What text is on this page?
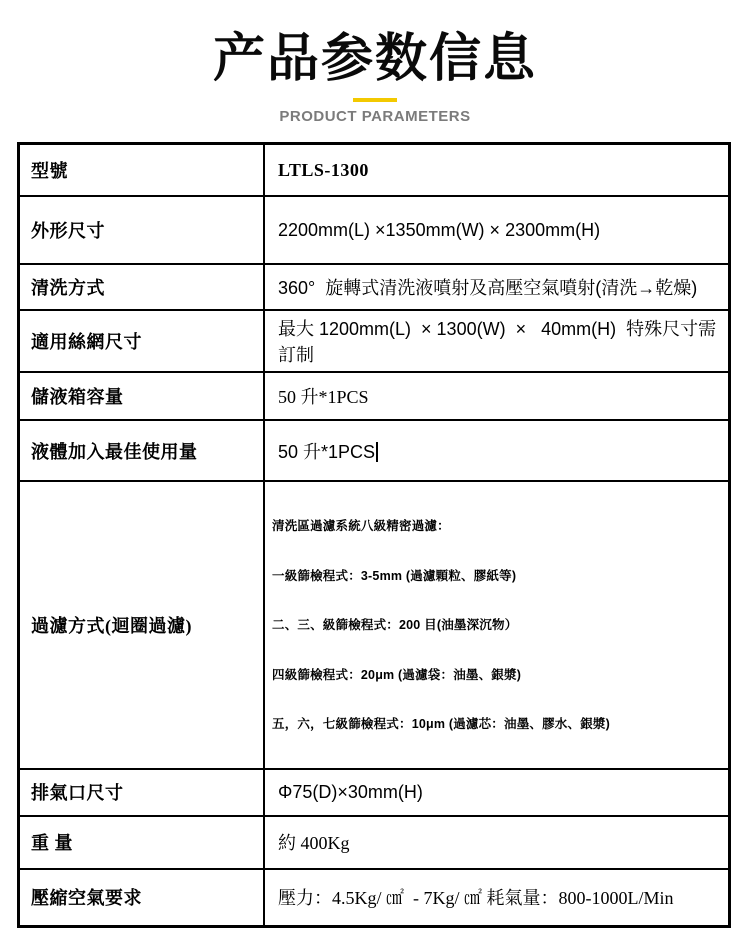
产品参数信息
PRODUCT PARAMETERS
型號	LTLS-1300
外形尺寸	2200mm(L) ×1350mm(W) × 2300mm(H)
清洗方式	360°  旋轉式清洗液噴射及高壓空氣噴射(清洗→乾燥)
適用絲網尺寸	最大 1200mm(L)  × 1300(W)  ×   40mm(H)  特殊尺寸需訂制
儲液箱容量	50 升*1PCS
液體加入最佳使用量	50 升*1PCS
過濾方式(迴圈過濾)	清洗區過濾系統八級精密過濾：

一級篩檢程式：3-5mm (過濾顆粒、膠紙等)

二、三、級篩檢程式：200 目(油墨深沉物）

四級篩檢程式：20μm (過濾袋：油墨、銀漿)

五，六，七級篩檢程式：10μm (過濾芯：油墨、膠水、銀漿)

排氣口尺寸	Φ75(D)×30mm(H)
重 量	約 400Kg
壓縮空氣要求	壓力：4.5Kg/ ㎠  - 7Kg/ ㎠ 耗氣量：800-1000L/Min
